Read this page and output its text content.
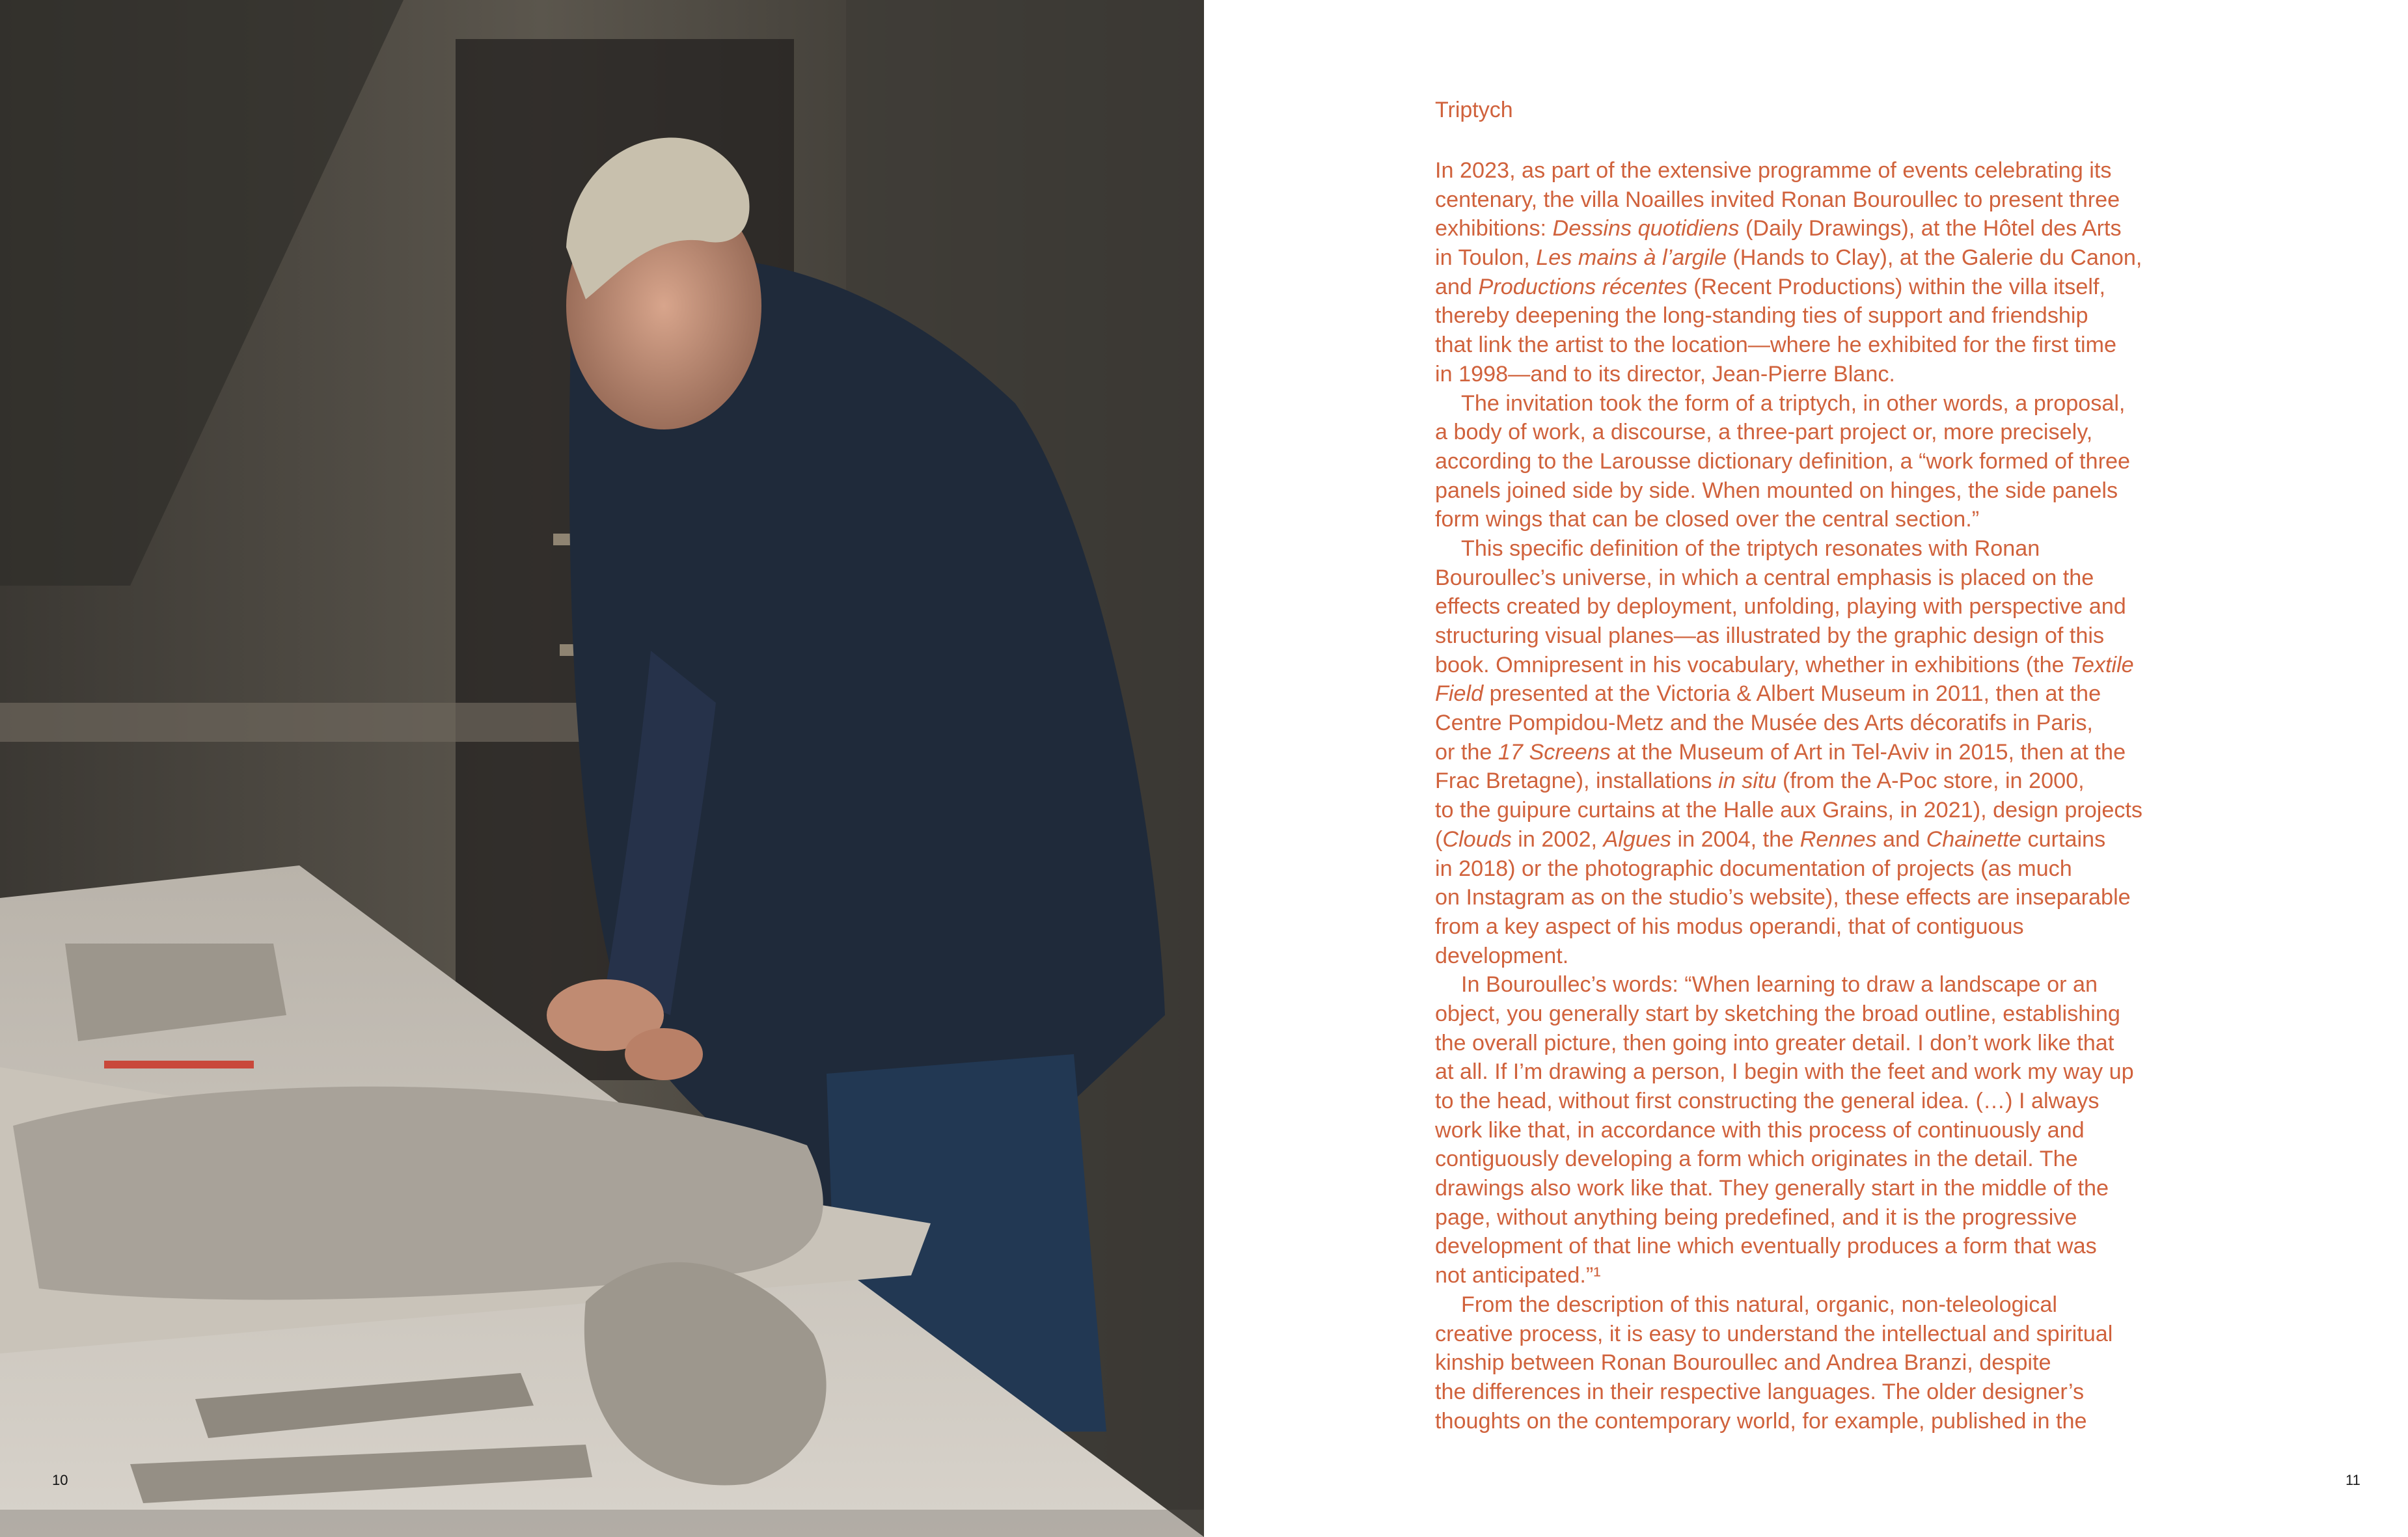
10
Triptych
In 2023, as part of the extensive programme of events celebrating its
centenary, the villa Noailles invited Ronan Bouroullec to present three
exhibitions: Dessins quotidiens (Daily Drawings), at the Hôtel des Arts
in Toulon, Les mains à l’argile (Hands to Clay), at the Galerie du Canon,
and Productions récentes (Recent Productions) within the villa itself,
thereby deepening the long-standing ties of support and friendship
that link the artist to the location—where he exhibited for the first time
in 1998—and to its director, Jean-Pierre Blanc.
The invitation took the form of a triptych, in other words, a proposal,
a body of work, a discourse, a three-part project or, more precisely,
according to the Larousse dictionary definition, a “work formed of three
panels joined side by side. When mounted on hinges, the side panels
form wings that can be closed over the central section.”
This specific definition of the triptych resonates with Ronan
Bouroullec’s universe, in which a central emphasis is placed on the
effects created by deployment, unfolding, playing with perspective and
structuring visual planes—as illustrated by the graphic design of this
book. Omnipresent in his vocabulary, whether in exhibitions (the Textile
Field presented at the Victoria & Albert Museum in 2011, then at the
Centre Pompidou-Metz and the Musée des Arts décoratifs in Paris,
or the 17 Screens at the Museum of Art in Tel-Aviv in 2015, then at the
Frac Bretagne), installations in situ (from the A-Poc store, in 2000,
to the guipure curtains at the Halle aux Grains, in 2021), design projects
(Clouds in 2002, Algues in 2004, the Rennes and Chainette curtains
in 2018) or the photographic documentation of projects (as much
on Instagram as on the studio’s website), these effects are inseparable
from a key aspect of his modus operandi, that of contiguous
development.
In Bouroullec’s words: “When learning to draw a landscape or an
object, you generally start by sketching the broad outline, establishing
the overall picture, then going into greater detail. I don’t work like that
at all. If I’m drawing a person, I begin with the feet and work my way up
to the head, without first constructing the general idea. (…) I always
work like that, in accordance with this process of continuously and
contiguously developing a form which originates in the detail. The
drawings also work like that. They generally start in the middle of the
page, without anything being predefined, and it is the progressive
development of that line which eventually produces a form that was
not anticipated.”¹
From the description of this natural, organic, non-teleological
creative process, it is easy to understand the intellectual and spiritual
kinship between Ronan Bouroullec and Andrea Branzi, despite
the differences in their respective languages. The older designer’s
thoughts on the contemporary world, for example, published in the
11
